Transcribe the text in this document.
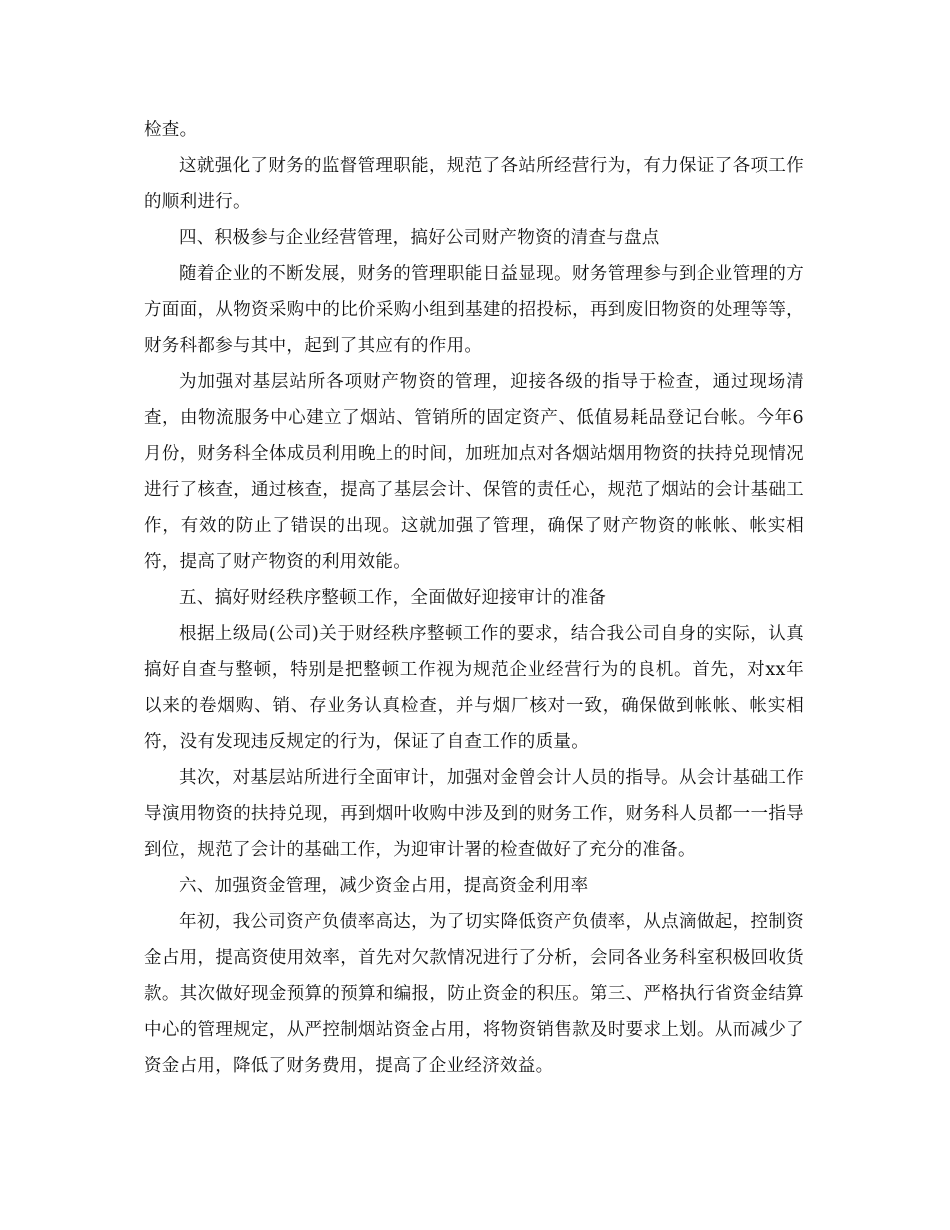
检查。

这就强化了财务的监督管理职能，规范了各站所经营行为，有力保证了各项工作的顺利进行。

四、积极参与企业经营管理，搞好公司财产物资的清查与盘点

随着企业的不断发展，财务的管理职能日益显现。财务管理参与到企业管理的方方面面，从物资采购中的比价采购小组到基建的招投标，再到废旧物资的处理等等，财务科都参与其中，起到了其应有的作用。

为加强对基层站所各项财产物资的管理，迎接各级的指导于检查，通过现场清查，由物流服务中心建立了烟站、管销所的固定资产、低值易耗品登记台帐。今年6月份，财务科全体成员利用晚上的时间，加班加点对各烟站烟用物资的扶持兑现情况进行了核查，通过核查，提高了基层会计、保管的责任心，规范了烟站的会计基础工作，有效的防止了错误的出现。这就加强了管理，确保了财产物资的帐帐、帐实相符，提高了财产物资的利用效能。

五、搞好财经秩序整顿工作，全面做好迎接审计的准备

根据上级局(公司)关于财经秩序整顿工作的要求，结合我公司自身的实际，认真搞好自查与整顿，特别是把整顿工作视为规范企业经营行为的良机。首先，对xx年以来的卷烟购、销、存业务认真检查，并与烟厂核对一致，确保做到帐帐、帐实相符，没有发现违反规定的行为，保证了自查工作的质量。

其次，对基层站所进行全面审计，加强对金曾会计人员的指导。从会计基础工作导演用物资的扶持兑现，再到烟叶收购中涉及到的财务工作，财务科人员都一一指导到位，规范了会计的基础工作，为迎审计署的检查做好了充分的准备。

六、加强资金管理，减少资金占用，提高资金利用率

年初，我公司资产负债率高达，为了切实降低资产负债率，从点滴做起，控制资金占用，提高资使用效率，首先对欠款情况进行了分析，会同各业务科室积极回收货款。其次做好现金预算的预算和编报，防止资金的积压。第三、严格执行省资金结算中心的管理规定，从严控制烟站资金占用，将物资销售款及时要求上划。从而减少了资金占用，降低了财务费用，提高了企业经济效益。
